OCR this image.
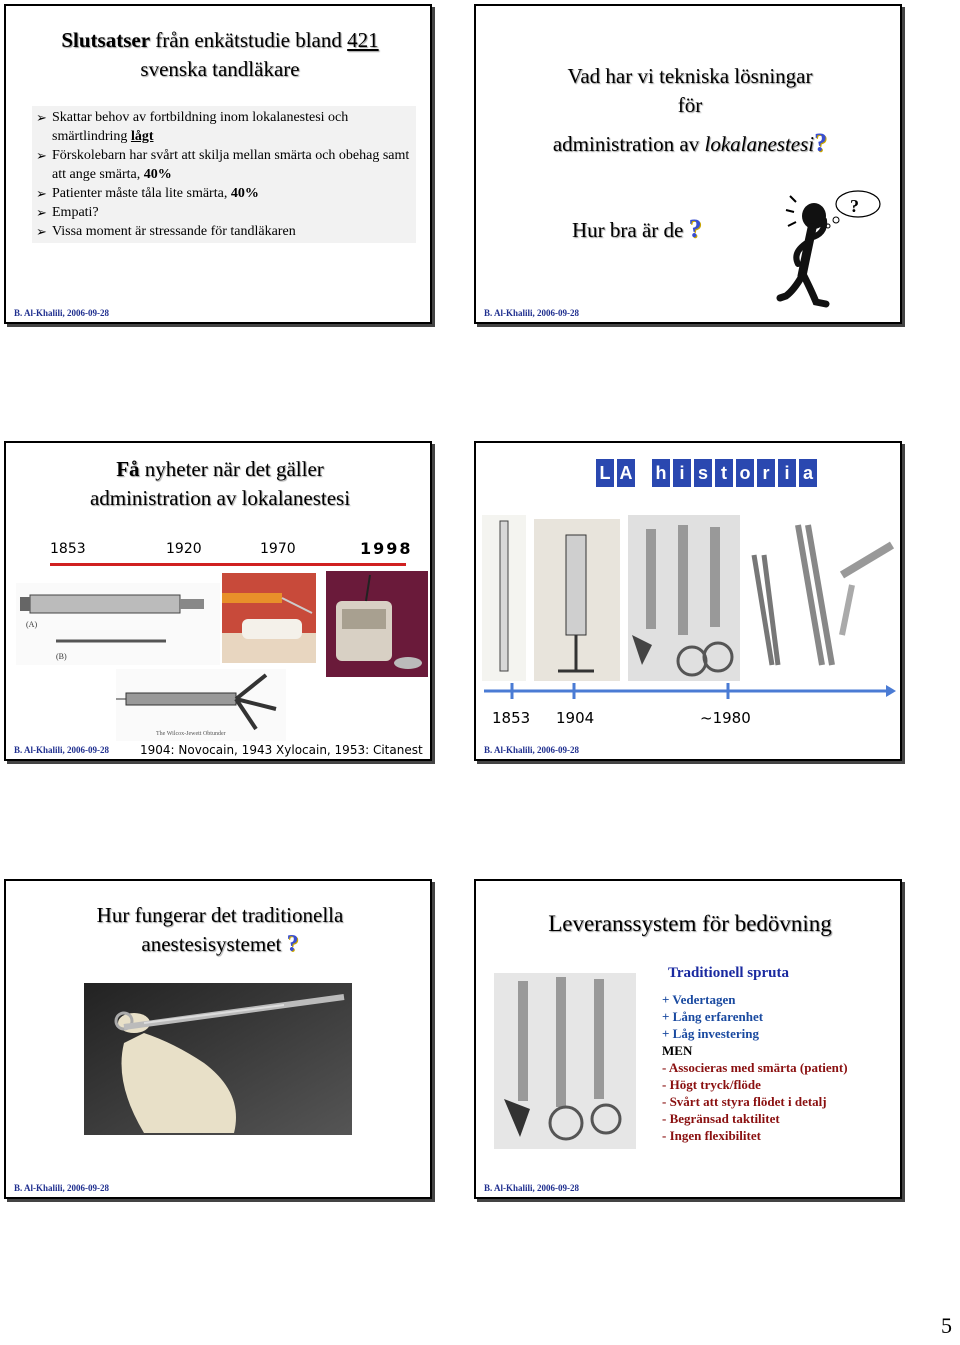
Slutsatser från enkätstudie bland 421
svenska tandläkare
➢ Skattar behov av fortbildning inom lokalanestesi och smärtlindring lågt
➢ Förskolebarn har svårt att skilja mellan smärta och obehag samt att ange smärta, 40%
➢ Patienter måste tåla lite smärta, 40%
➢ Empati?
➢ Vissa moment är stressande för tandläkaren
B. Al-Khalili, 2006-09-28
Vad har vi tekniska lösningar
för
administration av lokalanestesi?
Hur bra är de ?
?
B. Al-Khalili, 2006-09-28
Få nyheter när det gäller
administration av lokalanestesi
1853	1920	1970	1998
(A)
(B)
The Wilcox-Jewett Obtunder
1904: Novocain, 1943 Xylocain, 1953: Citanest
B. Al-Khalili, 2006-09-28
L A h i s t o r i a
1853 1904	~1980
B. Al-Khalili, 2006-09-28
Hur fungerar det traditionella
anestesisystemet ?
B. Al-Khalili, 2006-09-28
Leveranssystem för bedövning
Traditionell spruta
+ Vedertagen
+ Lång erfarenhet
+ Låg investering
MEN
- Associeras med smärta (patient)
- Högt tryck/flöde
- Svårt att styra flödet i detalj
- Begränsad taktilitet
- Ingen flexibilitet
B. Al-Khalili, 2006-09-28
5
